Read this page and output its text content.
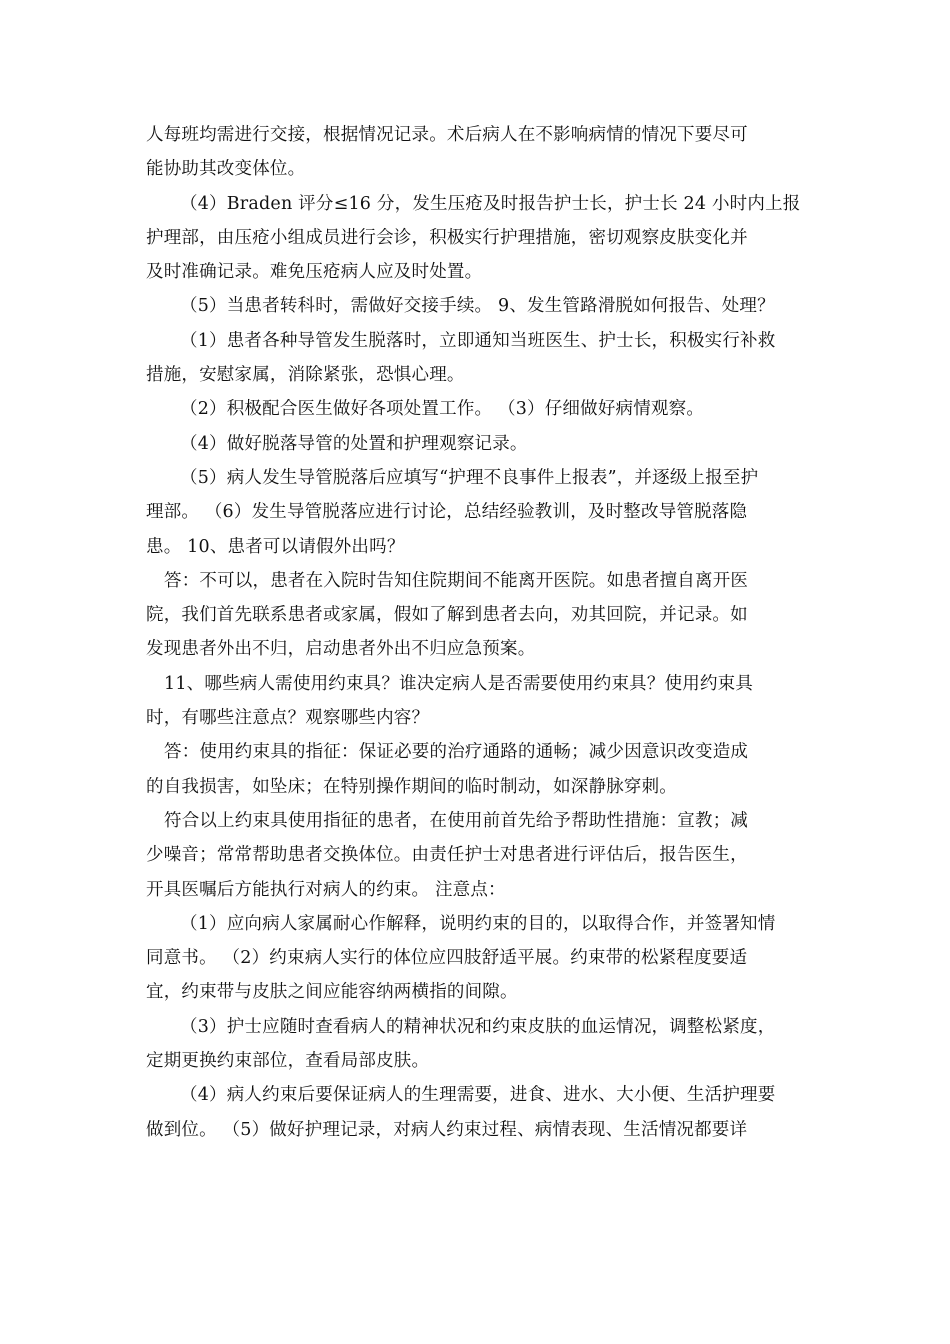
人每班均需进行交接，根据情况记录。术后病人在不影响病情的情况下要尽可
能协助其改变体位。
（4）Braden 评分≤16 分，发生压疮及时报告护士长，护士长 24 小时内上报
护理部，由压疮小组成员进行会诊，积极实行护理措施，密切观察皮肤变化并
及时准确记录。难免压疮病人应及时处置。
（5）当患者转科时，需做好交接手续。 9、发生管路滑脱如何报告、处理？
（1）患者各种导管发生脱落时，立即通知当班医生、护士长，积极实行补救
措施，安慰家属，消除紧张，恐惧心理。
（2）积极配合医生做好各项处置工作。 （3）仔细做好病情观察。
（4）做好脱落导管的处置和护理观察记录。
（5）病人发生导管脱落后应填写“护理不良事件上报表”，并逐级上报至护
理部。 （6）发生导管脱落应进行讨论，总结经验教训，及时整改导管脱落隐
患。 10、患者可以请假外出吗？
答：不可以，患者在入院时告知住院期间不能离开医院。如患者擅自离开医
院，我们首先联系患者或家属，假如了解到患者去向，劝其回院，并记录。如
发现患者外出不归，启动患者外出不归应急预案。
11、哪些病人需使用约束具？谁决定病人是否需要使用约束具？使用约束具
时，有哪些注意点？观察哪些内容？
答：使用约束具的指征：保证必要的治疗通路的通畅；减少因意识改变造成
的自我损害，如坠床；在特别操作期间的临时制动，如深静脉穿刺。
符合以上约束具使用指征的患者，在使用前首先给予帮助性措施：宣教；减
少噪音；常常帮助患者交换体位。由责任护士对患者进行评估后，报告医生，
开具医嘱后方能执行对病人的约束。 注意点：
（1）应向病人家属耐心作解释，说明约束的目的，以取得合作，并签署知情
同意书。 （2）约束病人实行的体位应四肢舒适平展。约束带的松紧程度要适
宜，约束带与皮肤之间应能容纳两横指的间隙。
（3）护士应随时查看病人的精神状况和约束皮肤的血运情况，调整松紧度，
定期更换约束部位，查看局部皮肤。
（4）病人约束后要保证病人的生理需要，进食、进水、大小便、生活护理要
做到位。 （5）做好护理记录，对病人约束过程、病情表现、生活情况都要详
